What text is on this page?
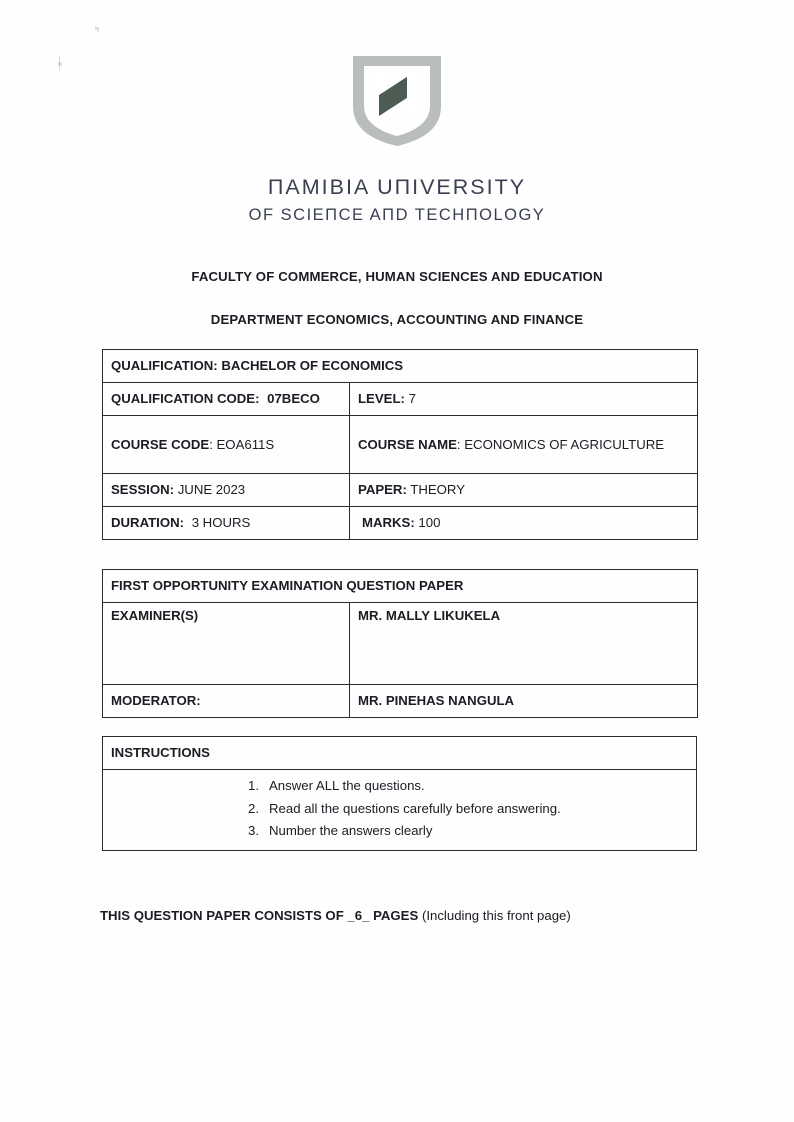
ΠΑΜΙΒΙΑ UΠIVERSITY
OF SCIEΠCE AΠD TECHΠOLOGY
FACULTY OF COMMERCE, HUMAN SCIENCES AND EDUCATION
DEPARTMENT ECONOMICS, ACCOUNTING AND FINANCE
QUALIFICATION: BACHELOR OF ECONOMICS	
QUALIFICATION CODE: 07BECO	LEVEL: 7
COURSE CODE: EOA611S	COURSE NAME: ECONOMICS OF AGRICULTURE
SESSION: JUNE 2023	PAPER: THEORY
DURATION: 3 HOURS	MARKS: 100
FIRST OPPORTUNITY EXAMINATION QUESTION PAPER	
EXAMINER(S)	MR. MALLY LIKUKELA
MODERATOR:	MR. PINEHAS NANGULA
INSTRUCTIONS

1. Answer ALL the questions.
2. Read all the questions carefully before answering.
3. Number the answers clearly
THIS QUESTION PAPER CONSISTS OF _6_ PAGES (Including this front page)
